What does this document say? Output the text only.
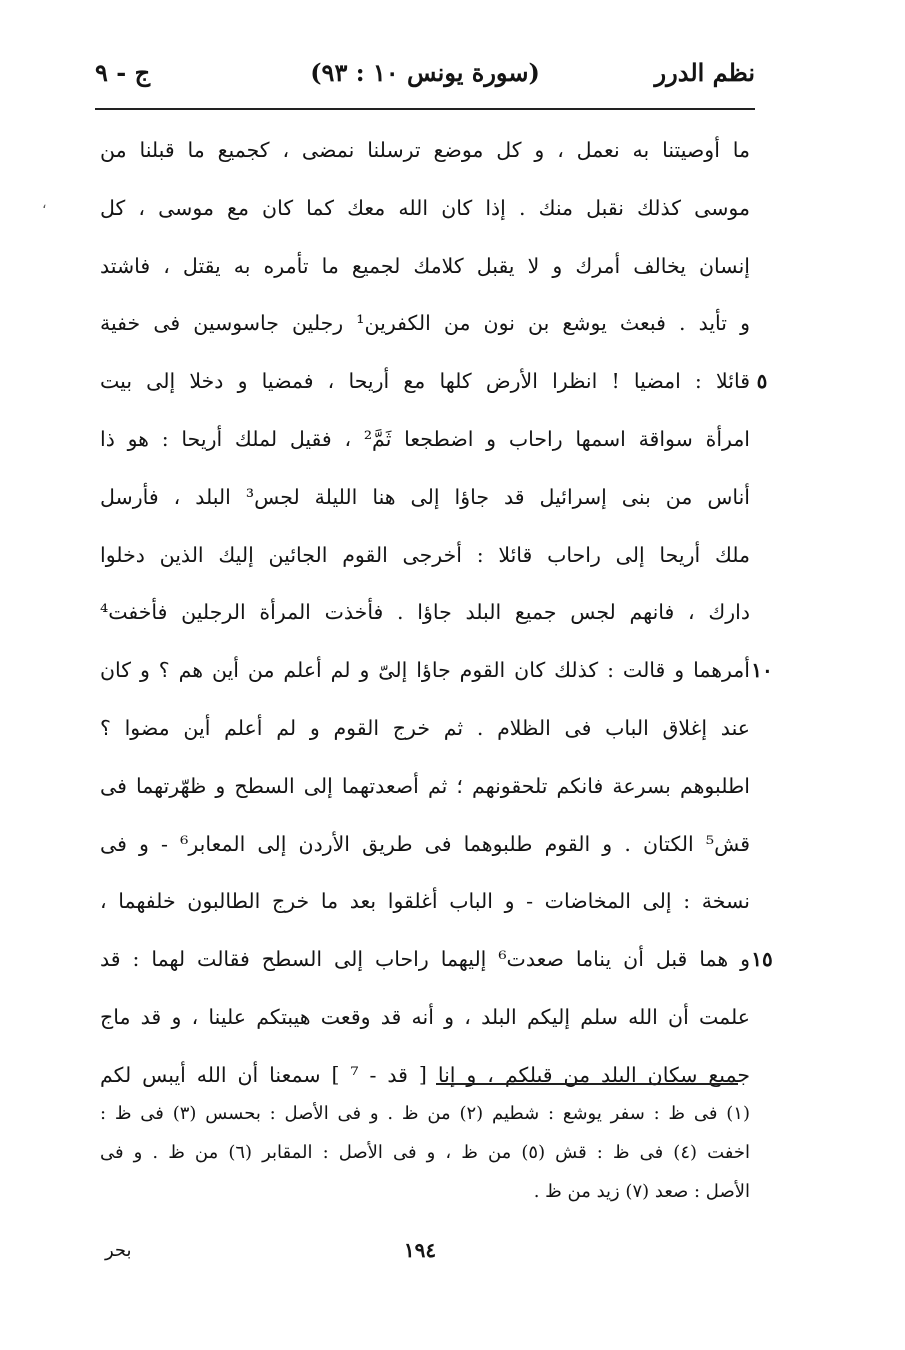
نظم الدرر
(سورة يونس ١٠ : ٩٣)
ج - ٩
،
ما أوصيتنا به نعمل ، و كل موضع ترسلنا نمضى ، كجميع ما قبلنا من
موسى كذلك نقبل منك . إذا كان الله معك كما كان مع موسى ، كل
إنسان يخالف أمرك و لا يقبل كلامك لجميع ما تأمره به يقتل ، فاشتد
و تأيد . فبعث يوشع بن نون من الكفرين¹ رجلين جاسوسين فى خفية
قائلا : امضيا ! انظرا الأرض كلها مع أريحا ، فمضيا و دخلا إلى بيت
امرأة سواقة اسمها راحاب و اضطجعا ثَمَّ² ، فقيل لملك أريحا : هو ذا
أناس من بنى إسرائيل قد جاؤا إلى هنا الليلة لجس³ البلد ، فأرسل
ملك أريحا إلى راحاب قائلا : أخرجى القوم الجائين إليك الذين دخلوا
دارك ، فانهم لجس جميع البلد جاؤا . فأخذت المرأة الرجلين فأخفت⁴
أمرهما و قالت : كذلك كان القوم جاؤا إلىّ و لم أعلم من أين هم ؟ و كان
عند إغلاق الباب فى الظلام . ثم خرج القوم و لم أعلم أين مضوا ؟
اطلبوهم بسرعة فانكم تلحقونهم ؛ ثم أصعدتهما إلى السطح و ظهّرتهما فى
قش⁵ الكتان . و القوم طلبوهما فى طريق الأردن إلى المعابر⁶ - و فى
نسخة : إلى المخاضات - و الباب أغلقوا بعد ما خرج الطالبون خلفهما ،
و هما قبل أن يناما صعدت⁶ إليهما راحاب إلى السطح فقالت لهما : قد
علمت أن الله سلم إليكم البلد ، و أنه قد وقعت هيبتكم علينا ، و قد ماج
جميع سكان البلد من قبلكم ، و إنا [ قد - ⁷ ] سمعنا أن الله أيبس لكم
٥
١٠
١٥
(١) فى ظ : سفر يوشع : شطيم (٢) من ظ . و فى الأصل : بحسس (٣) فى ظ :
اخفت (٤) فى ظ : قش (٥) من ظ ، و فى الأصل : المقابر (٦) من ظ . و فى
الأصل : صعد (٧) زيد من ظ .
١٩٤
بحر
